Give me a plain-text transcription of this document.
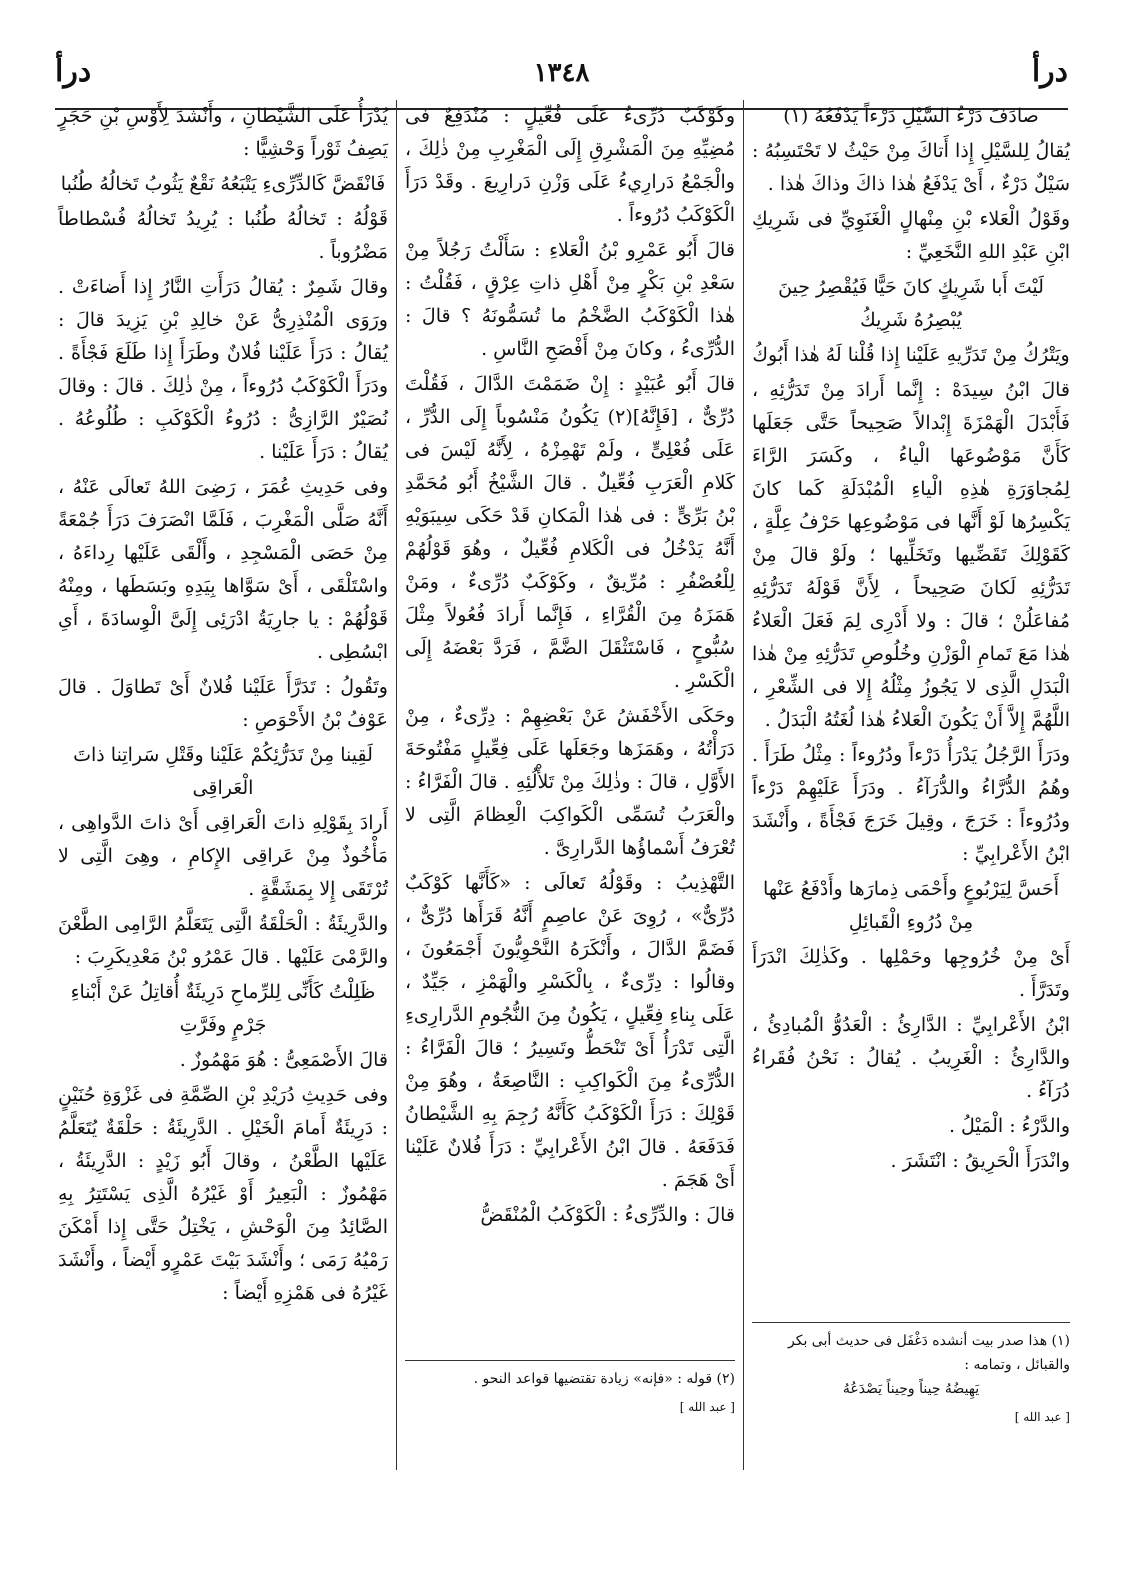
درأ
١٣٤٨
درأ

صادَفَ دَرْءُ السَّيْلِ دَرْءاً يَدْفَعُهُ (١)

يُقالُ لِلسَّيْلِ إِذا أَتاكَ مِنْ حَيْثُ لا تَحْتَسِبُهُ : سَيْلٌ دَرْءٌ ، أَىْ يَدْفَعُ هٰذا ذاكَ وذاكَ هٰذا .

وقَوْلُ الْعَلاء بْنِ مِنْهالٍ الْغَنَوِيِّ فى شَرِيكِ ابْنِ عَبْدِ اللهِ النَّخَعِيِّ :

لَيْتَ أَبا شَرِيكٍ كانَ حَيًّا فَيُقْصِرُ حِينَ يُبْصِرُهُ شَرِيكُ

ويَتْرُكُ مِنْ تَدَرِّيهِ عَلَيْنا إِذا قُلْنا لَهُ هٰذا أَبُوكُ

قالَ ابْنُ سِيدَهْ : إِنَّما أَرادَ مِنْ تَدَرُّئِهِ ، فَأَبْدَلَ الْهَمْزَةَ إِبْدالاً صَحِيحاً حَتَّى جَعَلَها كَأَنَّ مَوْضُوعَها الْياءُ ، وكَسَرَ الرَّاءَ لِمُجاوَرَةِ هٰذِهِ الْياءِ الْمُبْدَلَةِ كَما كانَ يَكْسِرُها لَوْ أَنَّها فى مَوْضُوعِها حَرْفُ عِلَّةٍ ، كَقَوْلِكَ تَقَضِّيها وتَخَلِّيها ؛ ولَوْ قالَ مِنْ تَدَرُّئِهِ لَكانَ صَحِيحاً ، لِأَنَّ قَوْلَهُ تَدَرُّئِهِ مُفاعَلُنْ ؛ قالَ : ولا أَدْرِى لِمَ فَعَلَ الْعَلاءُ هٰذا مَعَ تَمامِ الْوَزْنِ وخُلُوصِ تَدَرُّئِهِ مِنْ هٰذا الْبَدَلِ الَّذِى لا يَجُوزُ مِثْلُهُ إِلا فى الشِّعْرِ ، اللَّهُمَّ إِلاَّ أَنْ يَكُونَ الْعَلاءُ هٰذا لُغَتُهُ الْبَدَلُ .

ودَرَأَ الرَّجُلُ يَدْرَأُ دَرْءاً ودُرُوءاً : مِثْلُ طَرَأَ . وهُمُ الدُّرَّاءُ والدُّرَآءُ . ودَرَأَ عَلَيْهِمْ دَرْءاً ودُرُوءاً : خَرَجَ ، وقِيلَ خَرَجَ فَجْأَةً ، وأَنْشَدَ ابْنُ الأَعْرابِيِّ :

أَحَسَّ لِيَرْبُوعٍ وأَحْمَى ذِمارَها وأَدْفَعُ عَنْها مِنْ دُرُوءِ الْقَبائِلِ

أَىْ مِنْ خُرُوجِها وحَمْلِها . وكَذٰلِكَ انْدَرَأَ وتَدَرَّأَ .

ابْنُ الأَعْرابِيِّ : الدَّارِئُ : الْعَدُوُّ الْمُبادِئُ ، والدَّارِئُ : الْغَرِيبُ . يُقالُ : نَحْنُ فُقَراءُ دُرَآءُ .

والدَّرْءُ : الْمَيْلُ .

وانْدَرَأَ الْحَرِيقُ : انْتَشَرَ .

وكَوْكَبٌ دُرِّىءٌ عَلَى فُعِّيلٍ : مُنْدَفِعٌ فى مُضِيِّهِ مِنَ الْمَشْرِقِ إِلَى الْمَغْرِبِ مِنْ ذٰلِكَ ، والْجَمْعُ دَرارِيءُ عَلَى وَزْنِ دَرارِيعَ . وقَدْ دَرَأَ الْكَوْكَبُ دُرُوءاً .

قالَ أَبُو عَمْرِو بْنُ الْعَلاءِ : سَأَلْتُ رَجُلاً مِنْ سَعْدِ بْنِ بَكْرٍ مِنْ أَهْلِ ذاتِ عِرْقٍ ، فَقُلْتُ : هٰذا الْكَوْكَبُ الضَّخْمُ ما تُسَمُّونَهُ ؟ قالَ : الدُّرِّىءُ ، وكانَ مِنْ أَفْصَحِ النَّاسِ .

قالَ أَبُو عُبَيْدٍ : إِنْ ضَمَمْتَ الدَّالَ ، فَقُلْتَ دُرِّىٌّ ، [فَإِنَّهُ](٢) يَكُونُ مَنْسُوباً إِلَى الدُّرِّ ، عَلَى فُعْلِىٍّ ، ولَمْ تَهْمِزْهُ ، لِأَنَّهُ لَيْسَ فى كَلامِ الْعَرَبِ فُعِّيلٌ . قالَ الشَّيْخُ أَبُو مُحَمَّدِ بْنُ بَرِّىٍّ : فى هٰذا الْمَكانِ قَدْ حَكَى سِيبَوَيْهِ أَنَّهُ يَدْخُلُ فى الْكَلامِ فُعِّيلٌ ، وهُوَ قَوْلُهُمْ لِلْعُصْفُرِ : مُرِّيقٌ ، وكَوْكَبٌ دُرِّىءٌ ، ومَنْ هَمَزَهُ مِنَ الْقُرَّاءِ ، فَإِنَّما أَرادَ فُعُولاً مِثْلَ سُبُّوحٍ ، فَاسْتَثْقَلَ الضَّمَّ ، فَرَدَّ بَعْضَهُ إِلَى الْكَسْرِ .

وحَكَى الأَخْفَشُ عَنْ بَعْضِهِمْ : دِرِّىءٌ ، مِنْ دَرَأْتُهُ ، وهَمَزَها وجَعَلَها عَلَى فِعِّيلٍ مَفْتُوحَةَ الأَوَّلِ ، قالَ : وذٰلِكَ مِنْ تَلأْلُئِهِ . قالَ الْفَرَّاءُ : والْعَرَبُ تُسَمِّى الْكَواكِبَ الْعِظامَ الَّتِى لا تُعْرَفُ أَسْماؤُها الدَّرارِىَّ .

التَّهْذِيبُ : وقَوْلُهُ تَعالَى : «كَأَنَّها كَوْكَبٌ دُرِّىٌّ» ، رُوِىَ عَنْ عاصِمٍ أَنَّهُ قَرَأَها دُرِّىٌّ ، فَضَمَّ الدَّالَ ، وأَنْكَرَهُ النَّحْوِيُّونَ أَجْمَعُونَ ، وقالُوا : دِرِّىءٌ ، بِالْكَسْرِ والْهَمْزِ ، جَيِّدٌ ، عَلَى بِناءِ فِعِّيلٍ ، يَكُونُ مِنَ النُّجُومِ الدَّرارِىءِ الَّتِى تَدْرَأُ أَىْ تَنْحَطُّ وتَسِيرُ ؛ قالَ الْفَرَّاءُ : الدُّرِّىءُ مِنَ الْكَواكِبِ : النَّاصِعَةُ ، وهُوَ مِنْ قَوْلِكَ : دَرَأَ الْكَوْكَبُ كَأَنَّهُ رُجِمَ بِهِ الشَّيْطانُ فَدَفَعَهُ . قالَ ابْنُ الأَعْرابِيِّ : دَرَأَ فُلانٌ عَلَيْنا أَىْ هَجَمَ .

قالَ : والدِّرِّىءُ : الْكَوْكَبُ الْمُنْقَضُّ

يُدْرَأُ عَلَى الشَّيْطانِ ، وأَنْشَدَ لِأَوْسِ بْنِ حَجَرٍ يَصِفُ ثَوْراً وَحْشِيًّا :

فَانْقَضَّ كَالدِّرِّىءِ يَتْبَعُهُ نَقْعٌ يَثُوبُ تَخالُهُ طُنُبا

قَوْلُهُ : تَخالُهُ طُنُبا : يُرِيدُ تَخالُهُ فُسْطاطاً مَضْرُوباً .

وقالَ شَمِرٌ : يُقالُ دَرَأَتِ النَّارُ إِذا أَضاءَتْ . ورَوَى الْمُنْذِرِىُّ عَنْ خالِدِ بْنِ يَزِيدَ قالَ : يُقالُ : دَرَأَ عَلَيْنا فُلانٌ وطَرَأَ إِذا طَلَعَ فَجْأَةً . ودَرَأَ الْكَوْكَبُ دُرُوءاً ، مِنْ ذٰلِكَ . قالَ : وقالَ نُصَيْرٌ الرَّازِىُّ : دُرُوءُ الْكَوْكَبِ : طُلُوعُهُ . يُقالُ : دَرَأَ عَلَيْنا .

وفى حَدِيثِ عُمَرَ ، رَضِىَ اللهُ تَعالَى عَنْهُ ، أَنَّهُ صَلَّى الْمَغْرِبَ ، فَلَمَّا انْصَرَفَ دَرَأَ جُمْعَةً مِنْ حَصَى الْمَسْجِدِ ، وأَلْقَى عَلَيْها رِداءَهُ ، واسْتَلْقَى ، أَىْ سَوَّاها بِيَدِهِ وبَسَطَها ، ومِنْهُ قَوْلُهُمْ : يا جارِيَةُ ادْرَئِى إِلَىَّ الْوِسادَةَ ، أَىِ ابْسُطِى .

وتَقُولُ : تَدَرَّأَ عَلَيْنا فُلانٌ أَىْ تَطاوَلَ . قالَ عَوْفُ بْنُ الأَحْوَصِ :

لَقِينا مِنْ تَدَرُّئِكُمْ عَلَيْنا وقَتْلِ سَراتِنا ذاتَ الْعَراقِى

أَرادَ بِقَوْلِهِ ذاتَ الْعَراقِى أَىْ ذاتَ الدَّواهِى ، مَأْخُوذٌ مِنْ عَراقِى الإِكامِ ، وهِىَ الَّتِى لا تُرْتَقَى إِلا بِمَشَقَّةٍ .

والدَّرِيئَةُ : الْحَلْقَةُ الَّتِى يَتَعَلَّمُ الرَّامِى الطَّعْنَ والرَّمْىَ عَلَيْها . قالَ عَمْرُو بْنُ مَعْدِيكَرِبَ :

ظَلِلْتُ كَأَنِّى لِلرِّماحِ دَرِيئَةٌ أُقاتِلُ عَنْ أَبْناءِ جَرْمٍ وفَرَّتِ

قالَ الأَصْمَعِىُّ : هُوَ مَهْمُوزٌ .

وفى حَدِيثِ دُرَيْدِ بْنِ الصِّمَّةِ فى غَزْوَةِ حُنَيْنٍ : دَرِيئَةٌ أَمامَ الْخَيْلِ . الدَّرِيئَةُ : حَلْقَةٌ يُتَعَلَّمُ عَلَيْها الطَّعْنُ ، وقالَ أَبُو زَيْدٍ : الدَّرِيئَةُ ، مَهْمُوزٌ : الْبَعِيرُ أَوْ غَيْرُهُ الَّذِى يَسْتَتِرُ بِهِ الصَّائِدُ مِنَ الْوَحْشِ ، يَخْتِلُ حَتَّى إِذا أَمْكَنَ رَمْيُهُ رَمَى ؛ وأَنْشَدَ بَيْتَ عَمْرٍو أَيْضاً ، وأَنْشَدَ غَيْرُهُ فى هَمْزِهِ أَيْضاً :

(١) هذا صدر بيت أنشده دَغْفَل فى حديث أبى بكر والقبائل ، وتمامه :
يَهِيضُهُ حِيناً وحِيناً يَصْدَعُهُ
[ عبد الله ]
(٢) قوله : «فإنه» زيادة تقتضيها قواعد النحو .
[ عبد الله ]
